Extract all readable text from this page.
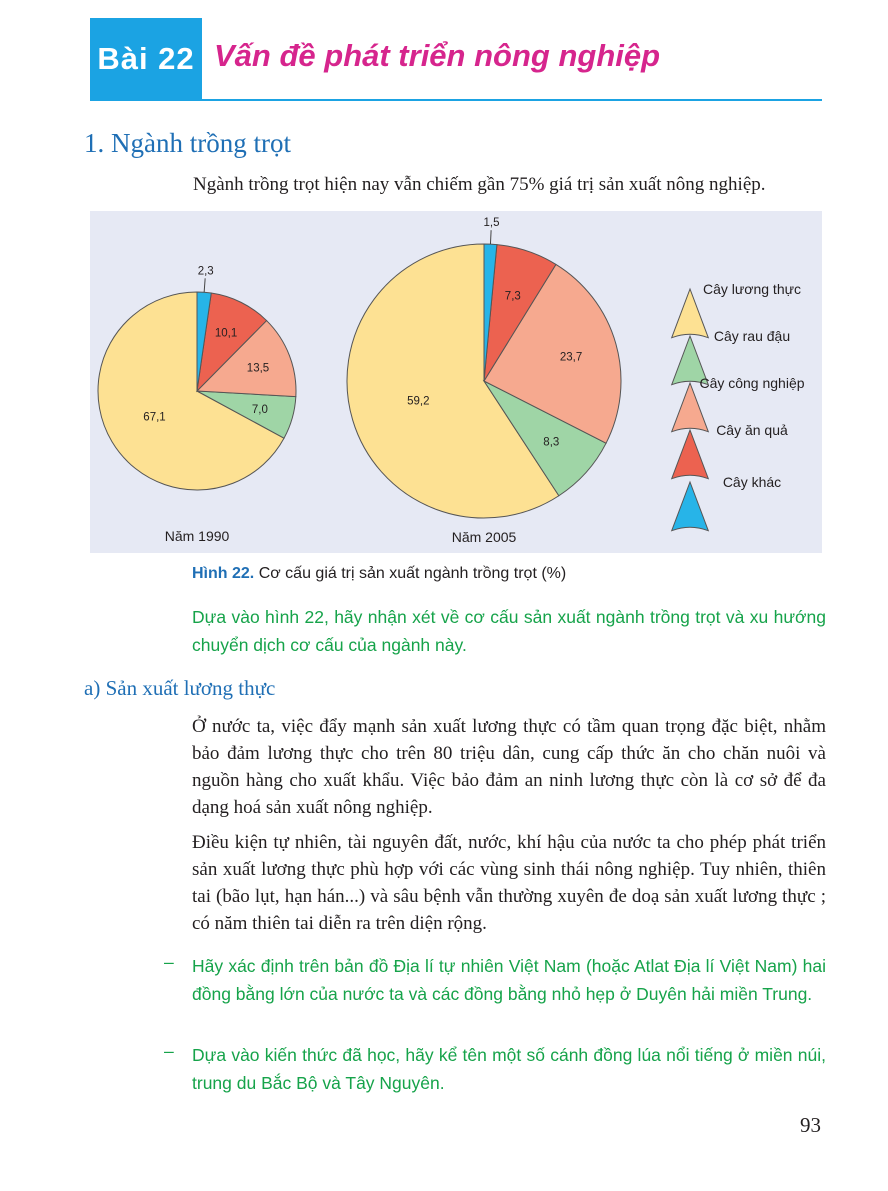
Bài 22 Vấn đề phát triển nông nghiệp
1. Ngành trồng trọt
Ngành trồng trọt hiện nay vẫn chiếm gần 75% giá trị sản xuất nông nghiệp.
67,1
7,0
13,5
10,1
2,3
Năm 1990
59,2
8,3
23,7
7,3
1,5
Năm 2005
Cây lương thực
Cây rau đậu
Cây công nghiệp
Cây ăn quả
Cây khác
Hình 22. Cơ cấu giá trị sản xuất ngành trồng trọt (%)
Dựa vào hình 22, hãy nhận xét về cơ cấu sản xuất ngành trồng trọt và xu hướng chuyển dịch cơ cấu của ngành này.
a) Sản xuất lương thực
Ở nước ta, việc đẩy mạnh sản xuất lương thực có tầm quan trọng đặc biệt, nhằm bảo đảm lương thực cho trên 80 triệu dân, cung cấp thức ăn cho chăn nuôi và nguồn hàng cho xuất khẩu. Việc bảo đảm an ninh lương thực còn là cơ sở để đa dạng hoá sản xuất nông nghiệp.
Điều kiện tự nhiên, tài nguyên đất, nước, khí hậu của nước ta cho phép phát triển sản xuất lương thực phù hợp với các vùng sinh thái nông nghiệp. Tuy nhiên, thiên tai (bão lụt, hạn hán...) và sâu bệnh vẫn thường xuyên đe doạ sản xuất lương thực ; có năm thiên tai diễn ra trên diện rộng.
– Hãy xác định trên bản đồ Địa lí tự nhiên Việt Nam (hoặc Atlat Địa lí Việt Nam) hai đồng bằng lớn của nước ta và các đồng bằng nhỏ hẹp ở Duyên hải miền Trung.
– Dựa vào kiến thức đã học, hãy kể tên một số cánh đồng lúa nổi tiếng ở miền núi, trung du Bắc Bộ và Tây Nguyên.
93
